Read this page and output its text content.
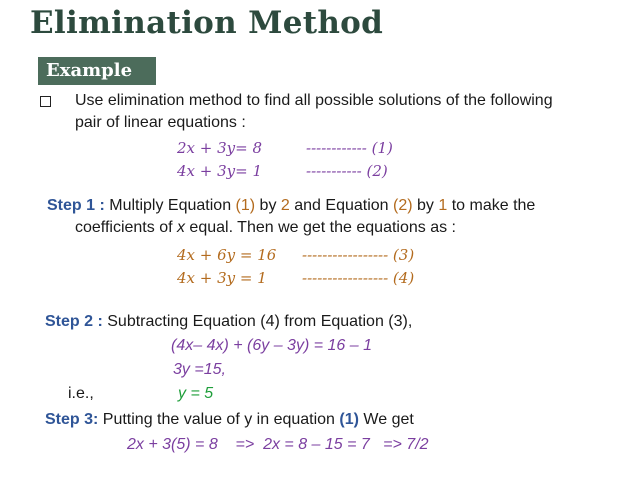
Elimination Method
Example
Use elimination method to find all possible solutions of the following
pair of linear equations :
2x + 3y= 8	------------ (1)
4x + 3y= 1	----------- (2)
Step 1 : Multiply Equation (1) by 2 and Equation (2) by 1 to make the
coefficients of x equal. Then we get the equations as :
4x + 6y = 16 ----------------- (3)
4x + 3y = 1 ----------------- (4)
Step 2 : Subtracting Equation (4) from Equation (3),
(4x– 4x) + (6y – 3y) = 16 – 1
3y =15,
i.e.,	y = 5
Step 3: Putting the value of y in equation (1) We get
2x + 3(5) = 8    =>  2x = 8 – 15 = 7   => 7/2
